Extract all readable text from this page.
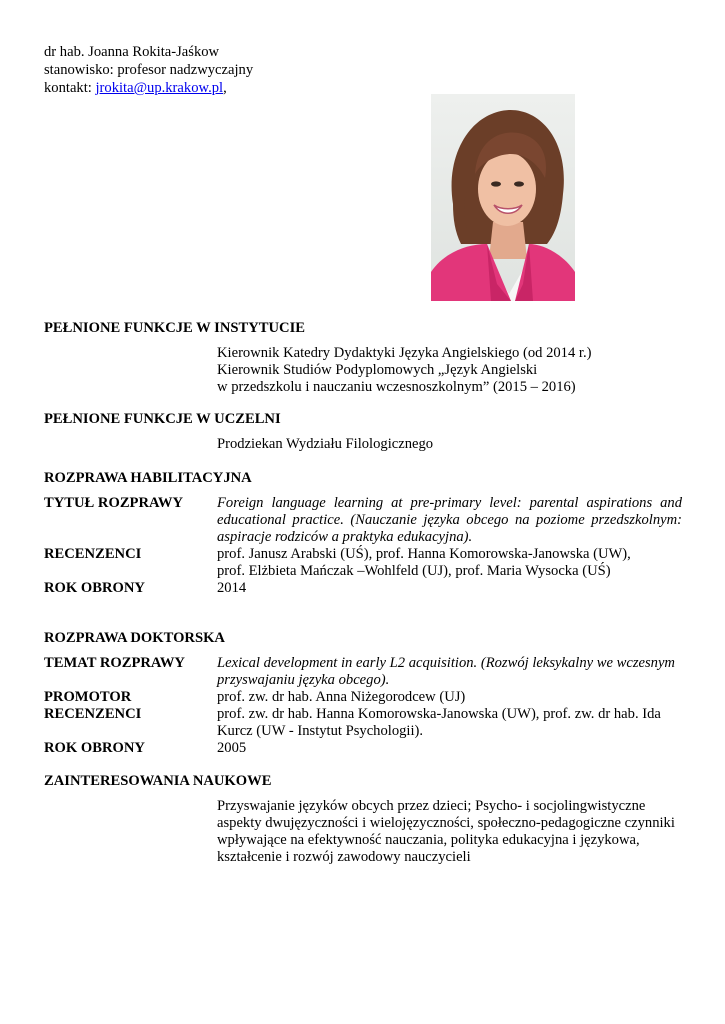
dr hab. Joanna Rokita-Jaśkow
stanowisko: profesor nadzwyczajny
kontakt: jrokita@up.krakow.pl,
PEŁNIONE FUNKCJE W INSTYTUCIE
Kierownik Katedry Dydaktyki Języka Angielskiego (od 2014 r.)
Kierownik Studiów Podyplomowych „Język Angielski
w przedszkolu i nauczaniu wczesnoszkolnym” (2015 – 2016)
PEŁNIONE FUNKCJE W UCZELNI
Prodziekan Wydziału Filologicznego
ROZPRAWA HABILITACYJNA
TYTUŁ ROZPRAWY Foreign language learning at pre-primary level: parental aspirations and educational practice. (Nauczanie języka obcego na poziome przedszkolnym: aspiracje rodziców a praktyka edukacyjna).
RECENZENCI	prof. Janusz Arabski (UŚ), prof. Hanna Komorowska-Janowska (UW),
prof. Elżbieta Mańczak –Wohlfeld (UJ), prof. Maria Wysocka (UŚ)
ROK OBRONY	2014
ROZPRAWA DOKTORSKA
TEMAT ROZPRAWY Lexical development in early L2 acquisition. (Rozwój leksykalny we wczesnym
przyswajaniu języka obcego).
PROMOTOR	prof. zw. dr hab. Anna Niżegorodcew (UJ)
RECENZENCI	prof. zw. dr hab. Hanna Komorowska-Janowska (UW), prof. zw. dr hab. Ida
Kurcz (UW - Instytut Psychologii).
ROK OBRONY	2005
ZAINTERESOWANIA NAUKOWE
Przyswajanie języków obcych przez dzieci; Psycho- i socjolingwistyczne
aspekty dwujęzyczności i wielojęzyczności, społeczno-pedagogiczne czynniki
wpływające na efektywność nauczania, polityka edukacyjna i językowa,
kształcenie i rozwój zawodowy nauczycieli
